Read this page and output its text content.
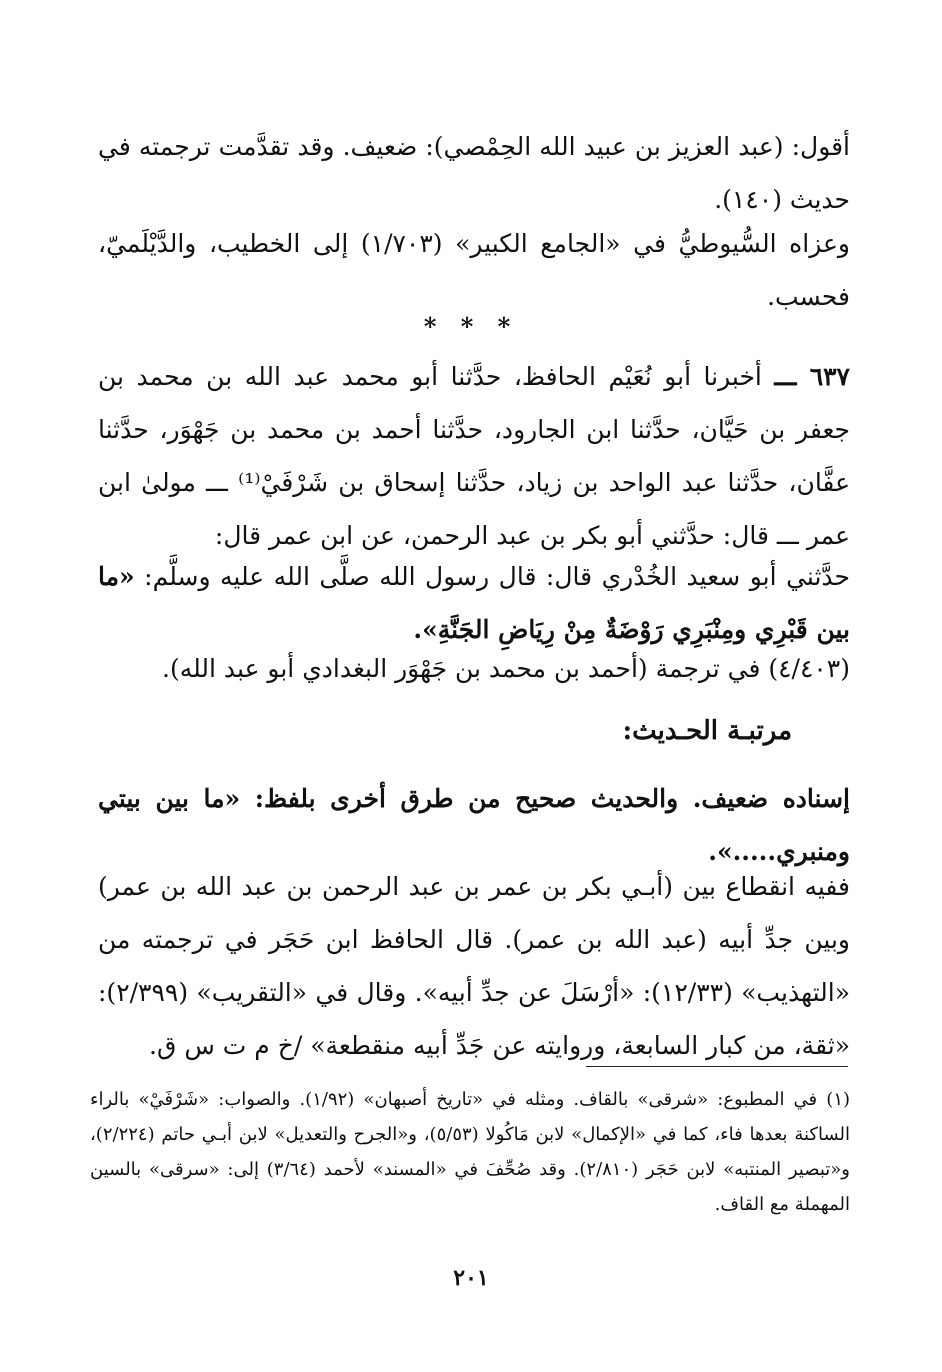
أقول: (عبد العزيز بن عبيد الله الحِمْصي): ضعيف. وقد تقدَّمت ترجمته في حديث (١٤٠).

وعزاه السُّيوطيُّ في «الجامع الكبير» (١/٧٠٣) إلى الخطيب، والدَّيْلَميّ، فحسب.

* * *

٦٣٧ ـــ أخبرنا أبو نُعَيْم الحافظ، حدَّثنا أبو محمد عبد الله بن محمد بن جعفر بن حَيَّان، حدَّثنا ابن الجارود، حدَّثنا أحمد بن محمد بن جَهْوَر، حدَّثنا عفَّان، حدَّثنا عبد الواحد بن زياد، حدَّثنا إسحاق بن شَرْفَيْ⁽¹⁾ ـــ مولىٰ ابن عمر ـــ قال: حدَّثني أبو بكر بن عبد الرحمن، عن ابن عمر قال:

حدَّثني أبو سعيد الخُدْري قال: قال رسول الله صلَّى الله عليه وسلَّم: «ما بين قَبْرِي ومِنْبَرِي رَوْضَةٌ مِنْ رِيَاضِ الجَنَّةِ».

(٤/٤٠٣) في ترجمة (أحمد بن محمد بن جَهْوَر البغدادي أبو عبد الله).

مرتبـة الحـديث:

إسناده ضعيف. والحديث صحيح من طرق أخرى بلفظ: «ما بين بيتي ومنبري.....».

ففيه انقطاع بين (أبـي بكر بن عمر بن عبد الرحمن بن عبد الله بن عمر) وبين جدِّ أبيه (عبد الله بن عمر). قال الحافظ ابن حَجَر في ترجمته من «التهذيب» (١٢/٣٣): «أرْسَلَ عن جدِّ أبيه». وقال في «التقريب» (٢/٣٩٩): «ثقة، من كبار السابعة، وروايته عن جَدِّ أبيه منقطعة» /خ م ت س ق.

(١) في المطبوع: «شرقى» بالقاف. ومثله في «تاريخ أصبهان» (١/٩٢). والصواب: «شَرْفَيْ» بالراء الساكنة بعدها فاء، كما في «الإكمال» لابن مَاكُولا (٥/٥٣)، و«الجرح والتعديل» لابن أبـي حاتم (٢/٢٢٤)، و«تبصير المنتبه» لابن حَجَر (٢/٨١٠). وقد صُحِّفَ في «المسند» لأحمد (٣/٦٤) إلى: «سرقى» بالسين المهملة مع القاف.

٢٠١
